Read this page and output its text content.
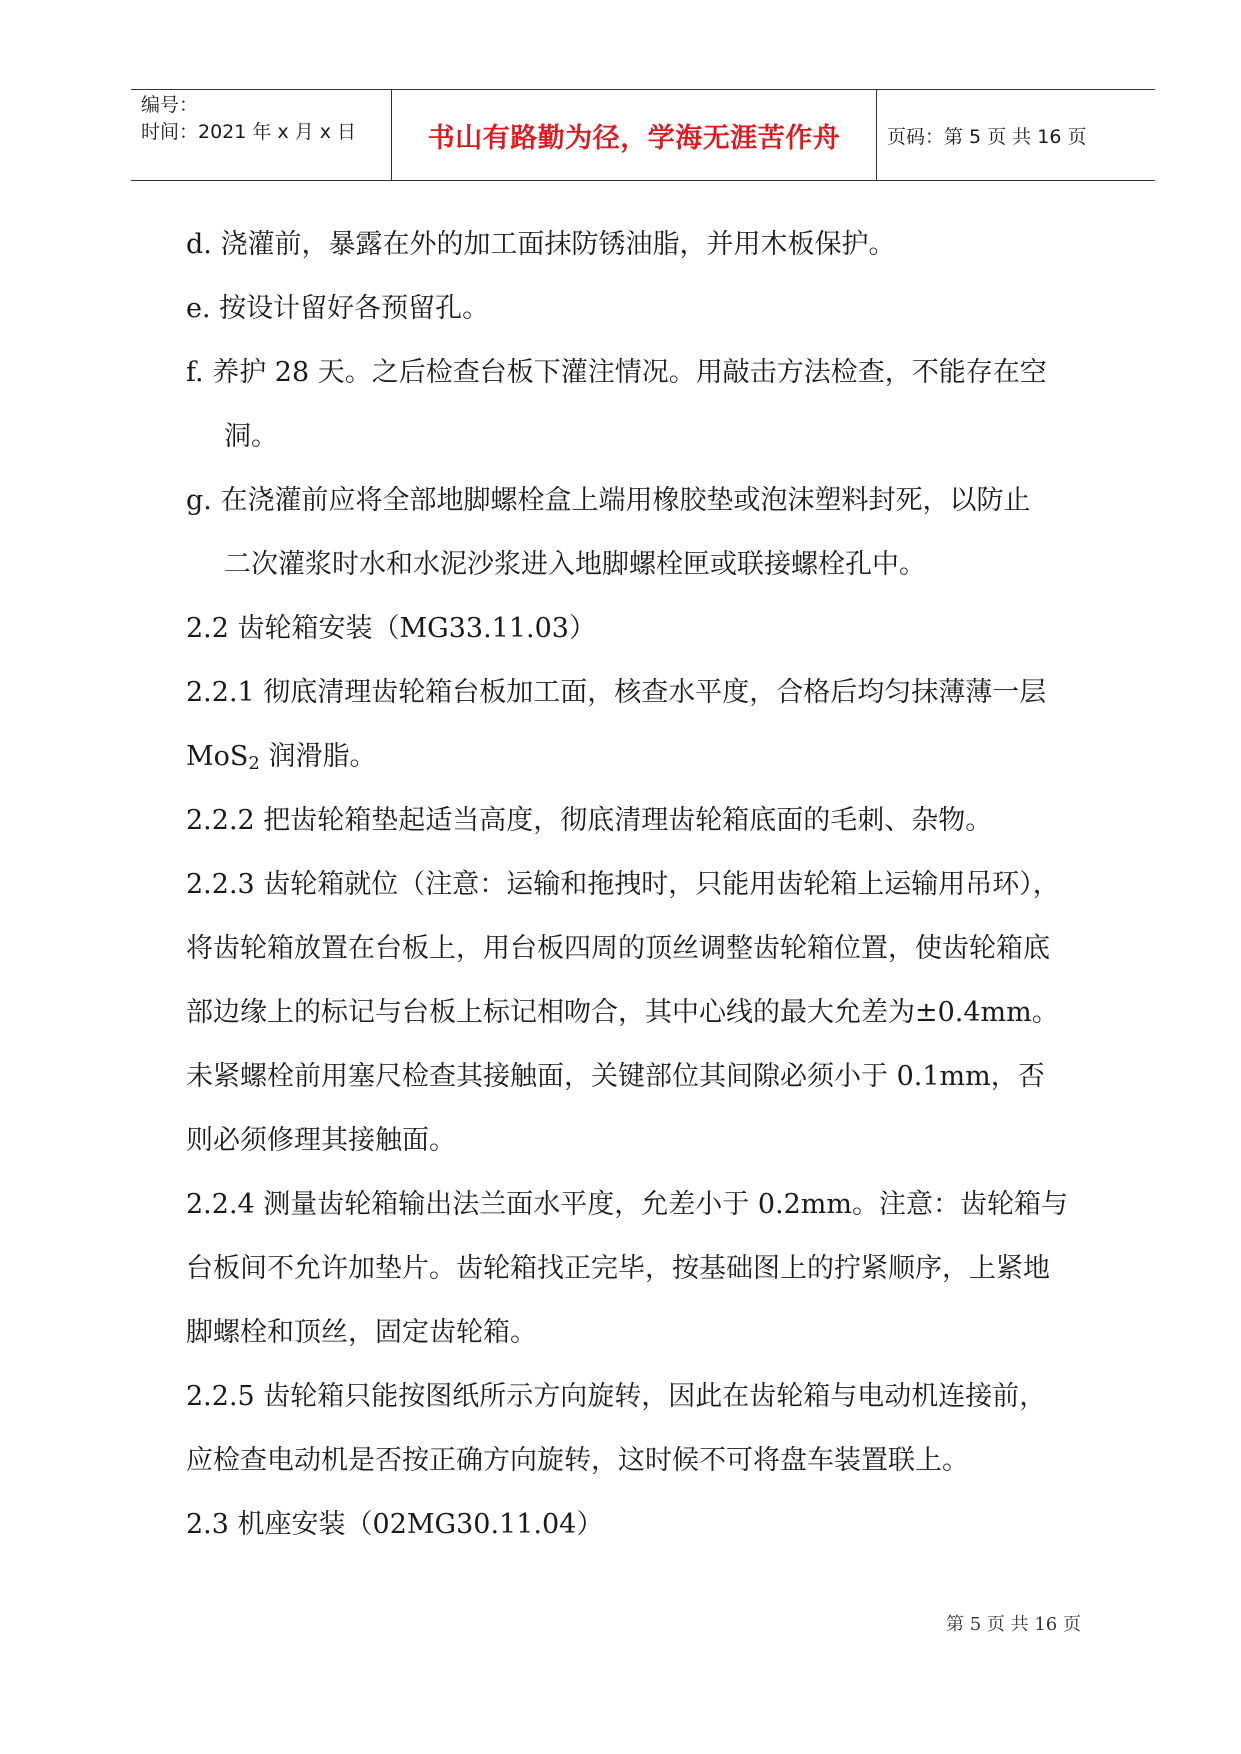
编号：
时间：2021 年 x 月 x 日	书山有路勤为径，学海无涯苦作舟 页码：第 5 页 共 16 页
d. 浇灌前，暴露在外的加工面抹防锈油脂，并用木板保护。
e. 按设计留好各预留孔。
f. 养护 28 天。之后检查台板下灌注情况。用敲击方法检查，不能存在空
洞。
g. 在浇灌前应将全部地脚螺栓盒上端用橡胶垫或泡沫塑料封死，以防止
二次灌浆时水和水泥沙浆进入地脚螺栓匣或联接螺栓孔中。
2.2 齿轮箱安装（MG33.11.03）
2.2.1 彻底清理齿轮箱台板加工面，核查水平度，合格后均匀抹薄薄一层
MoS$_2$ 润滑脂。
2.2.2 把齿轮箱垫起适当高度，彻底清理齿轮箱底面的毛刺、杂物。
2.2.3 齿轮箱就位（注意：运输和拖拽时，只能用齿轮箱上运输用吊环），
将齿轮箱放置在台板上，用台板四周的顶丝调整齿轮箱位置，使齿轮箱底
部边缘上的标记与台板上标记相吻合，其中心线的最大允差为±0.4mm。
未紧螺栓前用塞尺检查其接触面，关键部位其间隙必须小于 0.1mm，否
则必须修理其接触面。
2.2.4 测量齿轮箱输出法兰面水平度，允差小于 0.2mm。注意：齿轮箱与
台板间不允许加垫片。齿轮箱找正完毕，按基础图上的拧紧顺序，上紧地
脚螺栓和顶丝，固定齿轮箱。
2.2.5 齿轮箱只能按图纸所示方向旋转，因此在齿轮箱与电动机连接前，
应检查电动机是否按正确方向旋转，这时候不可将盘车装置联上。
2.3 机座安装（02MG30.11.04）
第 5 页 共 16 页
